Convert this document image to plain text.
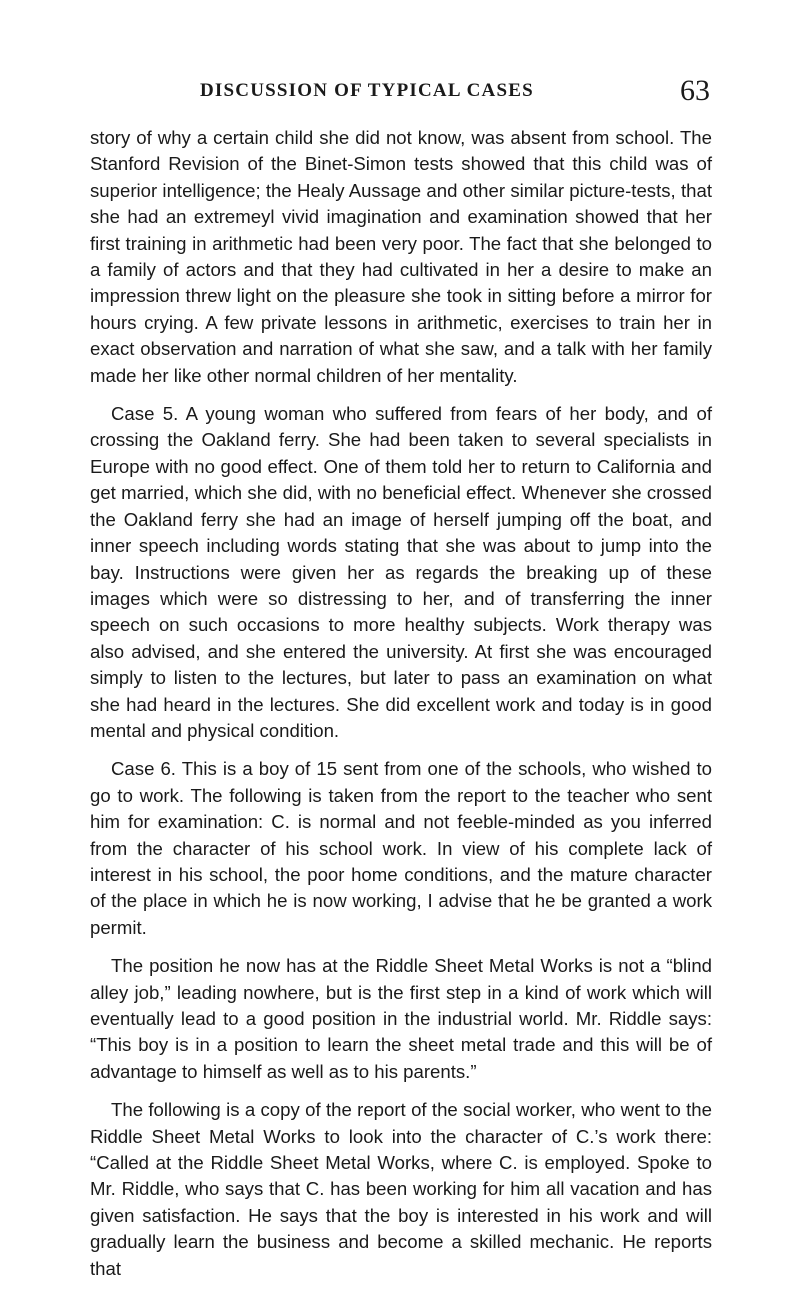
DISCUSSION OF TYPICAL CASES	63

story of why a certain child she did not know, was absent from school. The Stanford Revision of the Binet-Simon tests showed that this child was of superior intelligence; the Healy Aussage and other similar picture-tests, that she had an extremeyl vivid imagination and examination showed that her first training in arithmetic had been very poor. The fact that she belonged to a family of actors and that they had cultivated in her a desire to make an impression threw light on the pleasure she took in sitting before a mirror for hours crying. A few private lessons in arithmetic, exercises to train her in exact observation and narration of what she saw, and a talk with her family made her like other normal children of her mentality.

Case 5. A young woman who suffered from fears of her body, and of crossing the Oakland ferry. She had been taken to several specialists in Europe with no good effect. One of them told her to return to California and get married, which she did, with no beneficial effect. Whenever she crossed the Oakland ferry she had an image of herself jumping off the boat, and inner speech including words stating that she was about to jump into the bay. Instructions were given her as regards the breaking up of these images which were so distressing to her, and of transferring the inner speech on such occasions to more healthy subjects. Work therapy was also advised, and she entered the university. At first she was encouraged simply to listen to the lectures, but later to pass an examination on what she had heard in the lectures. She did excellent work and today is in good mental and physical condition.

Case 6. This is a boy of 15 sent from one of the schools, who wished to go to work. The following is taken from the report to the teacher who sent him for examination: C. is normal and not feeble-minded as you inferred from the character of his school work. In view of his complete lack of interest in his school, the poor home conditions, and the mature character of the place in which he is now working, I advise that he be granted a work permit.

The position he now has at the Riddle Sheet Metal Works is not a “blind alley job,” leading nowhere, but is the first step in a kind of work which will eventually lead to a good position in the industrial world. Mr. Riddle says: “This boy is in a position to learn the sheet metal trade and this will be of advantage to himself as well as to his parents.”

The following is a copy of the report of the social worker, who went to the Riddle Sheet Metal Works to look into the character of C.’s work there: “Called at the Riddle Sheet Metal Works, where C. is employed. Spoke to Mr. Riddle, who says that C. has been working for him all vacation and has given satisfaction. He says that the boy is interested in his work and will gradually learn the business and become a skilled mechanic. He reports that
